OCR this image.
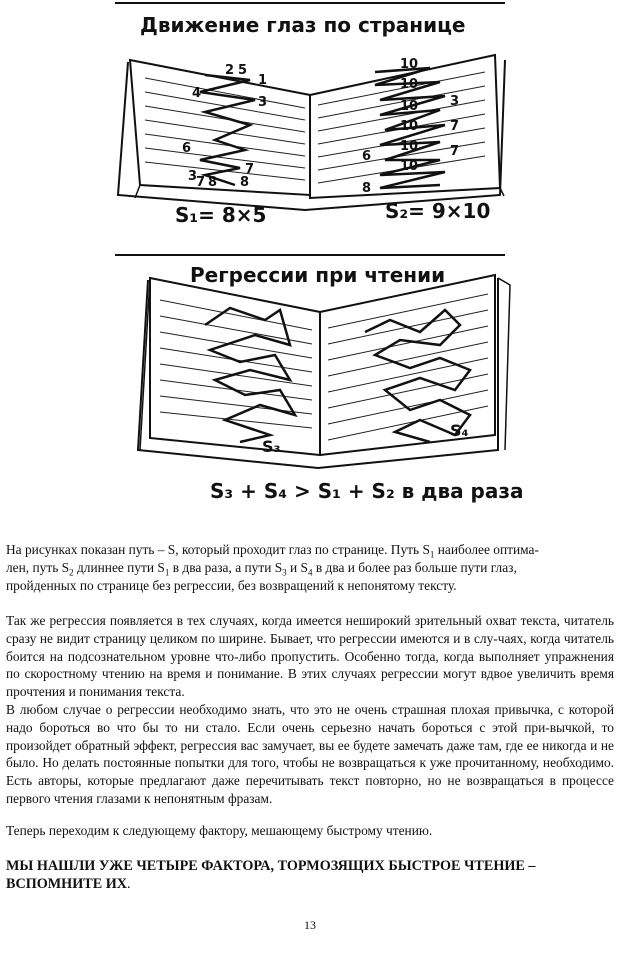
Движение глаз по странице
2 5
1
4
3
6
7
8
3
7 8
10
10
10
10
10
10
6	7
8
3
7
S₁= 8×5	S₂= 9×10
Регрессии при чтении
S₃
S₄
S₃ + S₄ > S₁ + S₂ в два раза

На рисунках показан путь – S, который проходит глаз по странице. Путь $S_1$ наиболее оптима-
лен, путь $S_2$ длиннее пути $S_1$ в два раза, а пути $S_3$ и $S_4$ в два и более раз больше пути глаз,
пройденных по странице без регрессии, без возвращений к непонятому тексту.

Так же регрессия появляется в тех случаях, когда имеется неширокий зрительный охват текста, читатель сразу не видит страницу целиком по ширине. Бывает, что регрессии имеются и в слу-чаях, когда читатель боится на подсознательном уровне что-либо пропустить. Особенно тогда, когда выполняет упражнения по скоростному чтению на время и понимание. В этих случаях регрессии могут вдвое увеличить время прочтения и понимания текста.

В любом случае о регрессии необходимо знать, что это не очень страшная плохая привычка, с которой надо бороться во что бы то ни стало. Если очень серьезно начать бороться с этой при-вычкой, то произойдет обратный эффект, регрессия вас замучает, вы ее будете замечать даже там, где ее никогда и не было. Но делать постоянные попытки для того, чтобы не возвращаться к уже прочитанному, необходимо. Есть авторы, которые предлагают даже перечитывать текст повторно, но не возвращаться в процессе первого чтения глазами к непонятным фразам.

Теперь переходим к следующему фактору, мешающему быстрому чтению.

МЫ НАШЛИ УЖЕ ЧЕТЫРЕ ФАКТОРА, ТОРМОЗЯЩИХ БЫСТРОЕ ЧТЕНИЕ –
ВСПОМНИТЕ ИХ.

13
